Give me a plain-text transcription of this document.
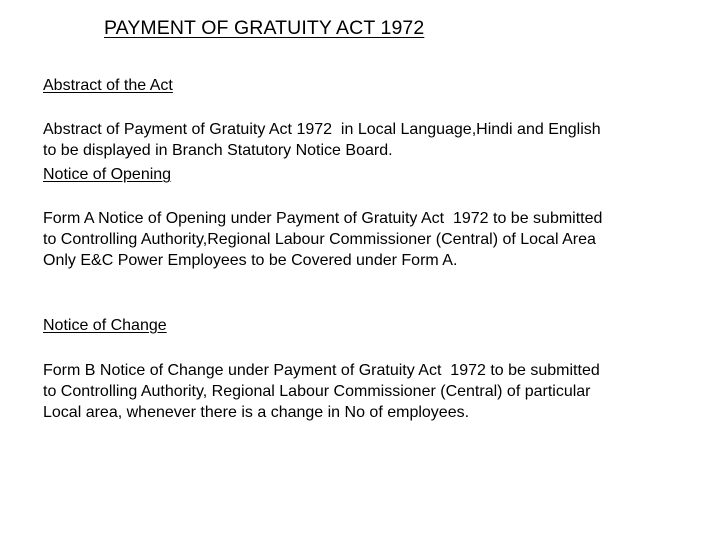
PAYMENT OF GRATUITY ACT 1972
Abstract of the Act
Abstract of Payment of Gratuity Act 1972  in Local Language,Hindi and English
to be displayed in Branch Statutory Notice Board.
Notice of Opening
Form A Notice of Opening under Payment of Gratuity Act  1972 to be submitted
to Controlling Authority,Regional Labour Commissioner (Central) of Local Area
Only E&C Power Employees to be Covered under Form A.
Notice of Change
Form B Notice of Change under Payment of Gratuity Act  1972 to be submitted
to Controlling Authority, Regional Labour Commissioner (Central) of particular
Local area, whenever there is a change in No of employees.
